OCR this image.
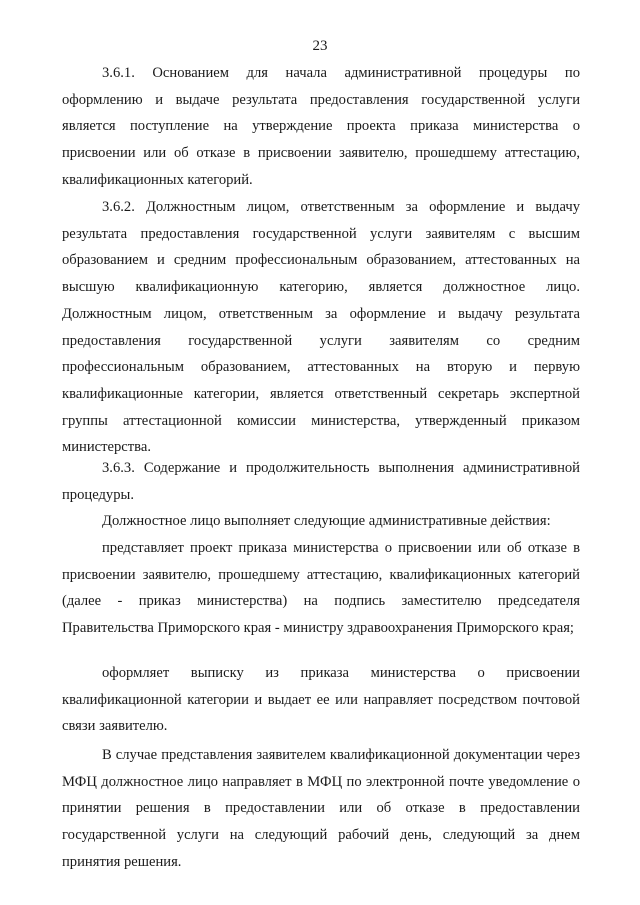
23

3.6.1. Основанием для начала административной процедуры по оформлению и выдаче результата предоставления государственной услуги является поступление на утверждение проекта приказа министерства о присвоении или об отказе в присвоении заявителю, прошедшему аттестацию, квалификационных категорий.

3.6.2. Должностным лицом, ответственным за оформление и выдачу результата предоставления государственной услуги заявителям с высшим образованием и средним профессиональным образованием, аттестованных на высшую квалификационную категорию, является должностное лицо. Должностным лицом, ответственным за оформление и выдачу результата предоставления государственной услуги заявителям со средним профессиональным образованием, аттестованных на вторую и первую квалификационные категории, является ответственный секретарь экспертной группы аттестационной комиссии министерства, утвержденный приказом министерства.

3.6.3. Содержание и продолжительность выполнения административной процедуры.

Должностное лицо выполняет следующие административные действия:

представляет проект приказа министерства о присвоении или об отказе в присвоении заявителю, прошедшему аттестацию, квалификационных категорий (далее - приказ министерства) на подпись заместителю председателя Правительства Приморского края - министру здравоохранения Приморского края;

оформляет выписку из приказа министерства о присвоении квалификационной категории и выдает ее или направляет посредством почтовой связи заявителю.

В случае представления заявителем квалификационной документации через МФЦ должностное лицо направляет в МФЦ по электронной почте уведомление о принятии решения в предоставлении или об отказе в предоставлении государственной услуги на следующий рабочий день, следующий за днем принятия решения.
